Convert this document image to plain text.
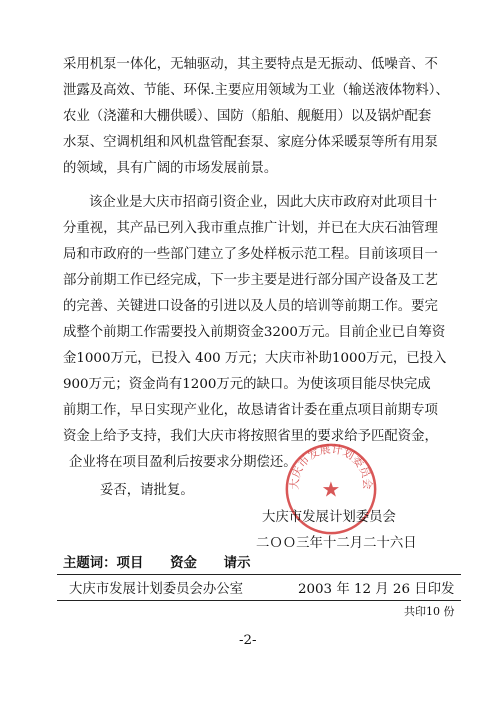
采用机泵一体化，无轴驱动，其主要特点是无振动、低噪音、不
泄露及高效、节能、环保.主要应用领域为工业（输送液体物料）、
农业（浇灌和大棚供暖）、国防（船舶、舰艇用）以及锅炉配套
水泵、空调机组和风机盘管配套泵、家庭分体采暖泵等所有用泵
的领域，具有广阔的市场发展前景。
该企业是大庆市招商引资企业，因此大庆市政府对此项目十
分重视，其产品已列入我市重点推广计划，并已在大庆石油管理
局和市政府的一些部门建立了多处样板示范工程。目前该项目一
部分前期工作已经完成，下一步主要是进行部分国产设备及工艺
的完善、关键进口设备的引进以及人员的培训等前期工作。要完
成整个前期工作需要投入前期资金3200万元。目前企业已自筹资
金1000万元，已投入 400 万元；大庆市补助1000万元，已投入
900万元；资金尚有1200万元的缺口。为使该项目能尽快完成
前期工作，早日实现产业化，故恳请省计委在重点项目前期专项
资金上给予支持，我们大庆市将按照省里的要求给予匹配资金，
企业将在项目盈利后按要求分期偿还。
妥否，请批复。	大庆市发展计划委员会
★
大庆市发展计划委员会
二ＯＯ三年十二月二十六日
主题词：项目　　资金　　请示
大庆市发展计划委员会办公室	2003 年 12 月 26 日印发
共印10 份
-2-
